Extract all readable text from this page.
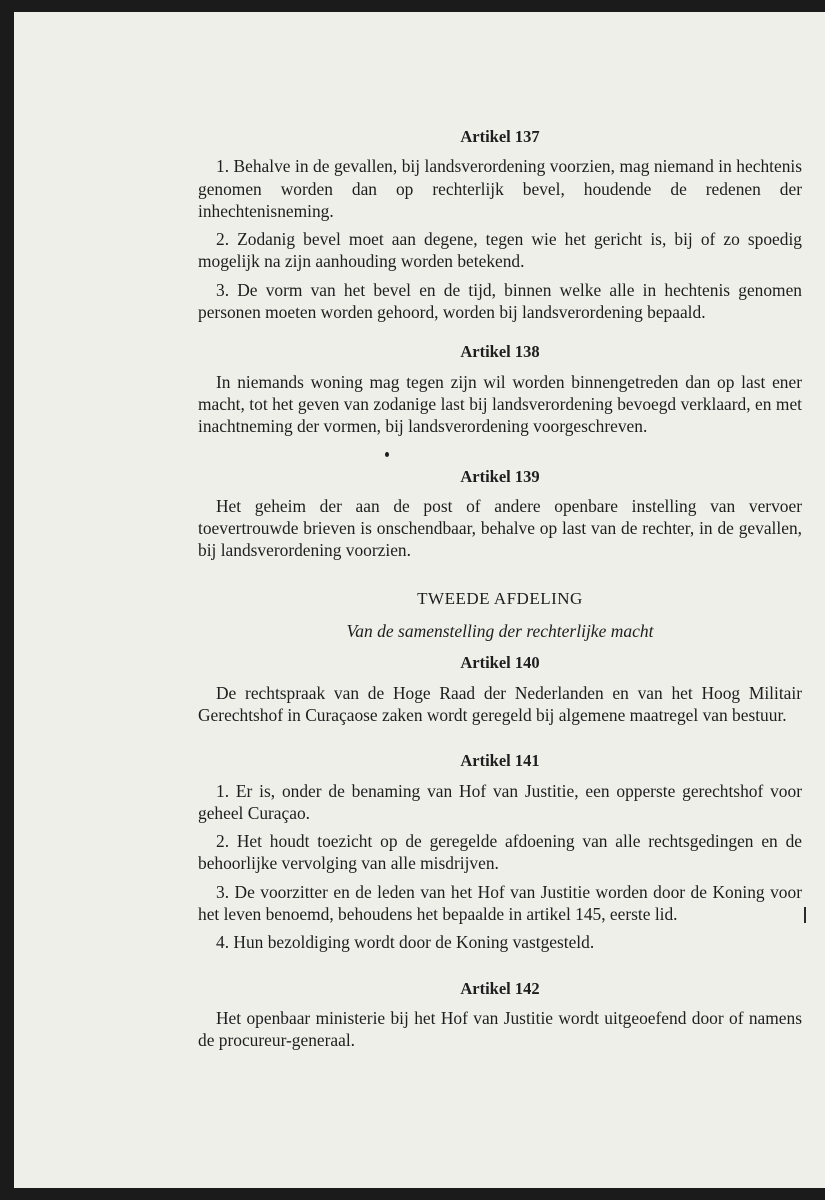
Artikel 137

1. Behalve in de gevallen, bij landsverordening voorzien, mag niemand in hechtenis genomen worden dan op rechterlijk bevel, houdende de redenen der inhechtenisneming.

2. Zodanig bevel moet aan degene, tegen wie het gericht is, bij of zo spoedig mogelijk na zijn aanhouding worden betekend.

3. De vorm van het bevel en de tijd, binnen welke alle in hechtenis genomen personen moeten worden gehoord, worden bij landsverordening bepaald.

Artikel 138

In niemands woning mag tegen zijn wil worden binnengetreden dan op last ener macht, tot het geven van zodanige last bij landsverordening bevoegd verklaard, en met inachtneming der vormen, bij landsverordening voorgeschreven.

Artikel 139

Het geheim der aan de post of andere openbare instelling van vervoer toevertrouwde brieven is onschendbaar, behalve op last van de rechter, in de gevallen, bij landsverordening voorzien.

TWEEDE AFDELING
Van de samenstelling der rechterlijke macht
Artikel 140

De rechtspraak van de Hoge Raad der Nederlanden en van het Hoog Militair Gerechtshof in Curaçaose zaken wordt geregeld bij algemene maatregel van bestuur.

Artikel 141

1. Er is, onder de benaming van Hof van Justitie, een opperste gerechtshof voor geheel Curaçao.

2. Het houdt toezicht op de geregelde afdoening van alle rechtsgedingen en de behoorlijke vervolging van alle misdrijven.

3. De voorzitter en de leden van het Hof van Justitie worden door de Koning voor het leven benoemd, behoudens het bepaalde in artikel 145, eerste lid.

4. Hun bezoldiging wordt door de Koning vastgesteld.

Artikel 142

Het openbaar ministerie bij het Hof van Justitie wordt uitgeoefend door of namens de procureur-generaal.
